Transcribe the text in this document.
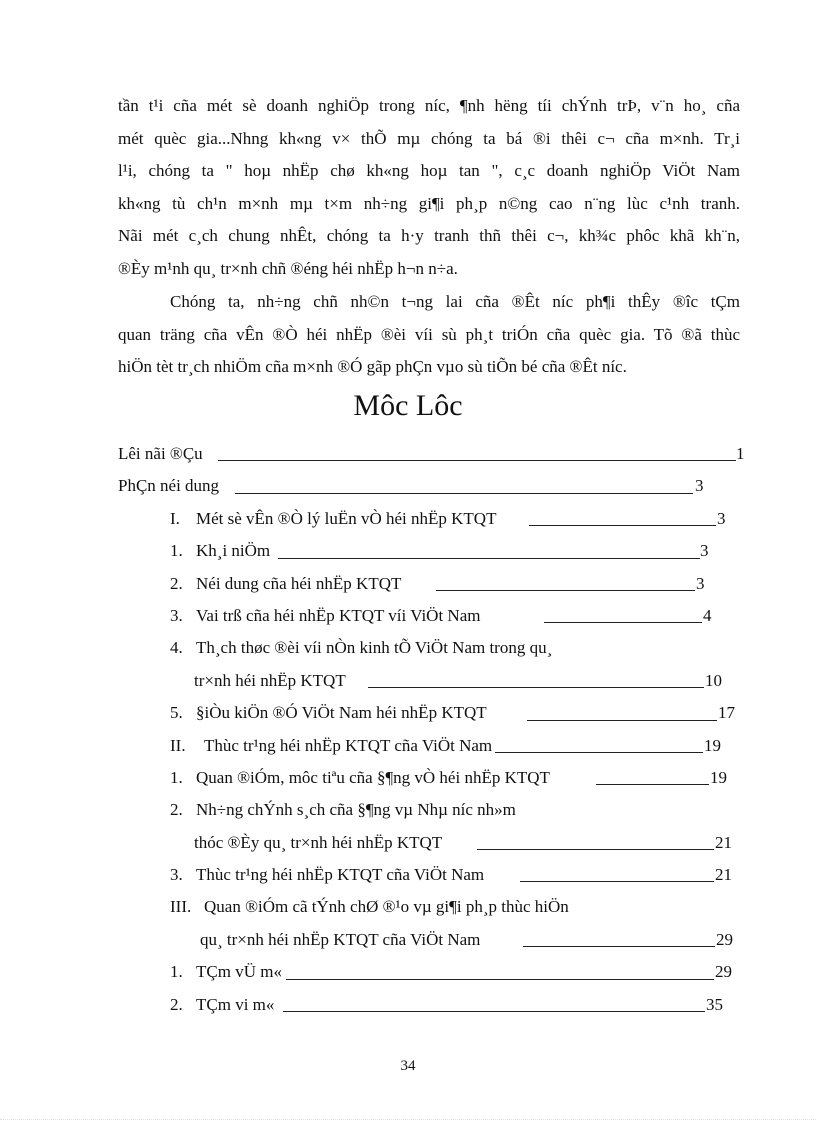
tần t¹i cña mét sè doanh nghiÖp trong níc, ¶nh hëng tíi chÝnh trÞ, v¨n ho¸ cña
mét quèc gia...Nhng kh«ng v× thÕ mµ chóng ta bá ®i thêi c¬ cña m×nh. Tr¸i
l¹i, chóng ta " hoµ nhËp chø kh«ng hoµ tan ", c¸c doanh nghiÖp ViÖt Nam
kh«ng tù ch¹n m×nh mµ t×m nh÷ng gi¶i ph¸p n©ng cao n¨ng lùc c¹nh tranh.
Nãi mét c¸ch chung nhÊt, chóng ta h·y tranh thñ thêi c¬, kh¾c phôc khã kh¨n,
®Èy m¹nh qu¸ tr×nh chñ ®éng héi nhËp h¬n n÷a.
Chóng ta, nh÷ng chñ nh©n t¬ng lai cña ®Êt níc ph¶i thÊy ®îc tÇm
quan träng cña vÊn ®Ò héi nhËp ®èi víi sù ph¸t triÓn cña quèc gia. Tõ ®ã thùc
hiÖn tèt tr¸ch nhiÖm cña m×nh ®Ó gãp phÇn vµo sù tiÕn bé cña ®Êt níc.
Môc Lôc
Lêi nãi ®Çu	1
PhÇn néi dung	3
I. Mét sè vÊn ®Ò lý luËn vÒ héi nhËp KTQT	3
1. Kh¸i niÖm	3
2. Néi dung cña héi nhËp KTQT	3
3. Vai trß cña héi nhËp KTQT víi ViÖt Nam	4
4. Th¸ch thøc ®èi víi nÒn kinh tÕ ViÖt Nam trong qu¸
tr×nh héi nhËp KTQT	10
5. §iÒu kiÖn ®Ó ViÖt Nam héi nhËp KTQT	17
II. Thùc tr¹ng héi nhËp KTQT cña ViÖt Nam	19
1. Quan ®iÓm, môc tiªu cña §¶ng vÒ héi nhËp KTQT	19
2. Nh÷ng chÝnh s¸ch cña §¶ng vµ Nhµ níc nh»m
thóc ®Èy qu¸ tr×nh héi nhËp KTQT	21
3. Thùc tr¹ng héi nhËp KTQT cña ViÖt Nam	21
III. Quan ®iÓm cã tÝnh chØ ®¹o vµ gi¶i ph¸p thùc hiÖn
qu¸ tr×nh héi nhËp KTQT cña ViÖt Nam	29
1. TÇm vÜ m«	29
2. TÇm vi m«	35
34
